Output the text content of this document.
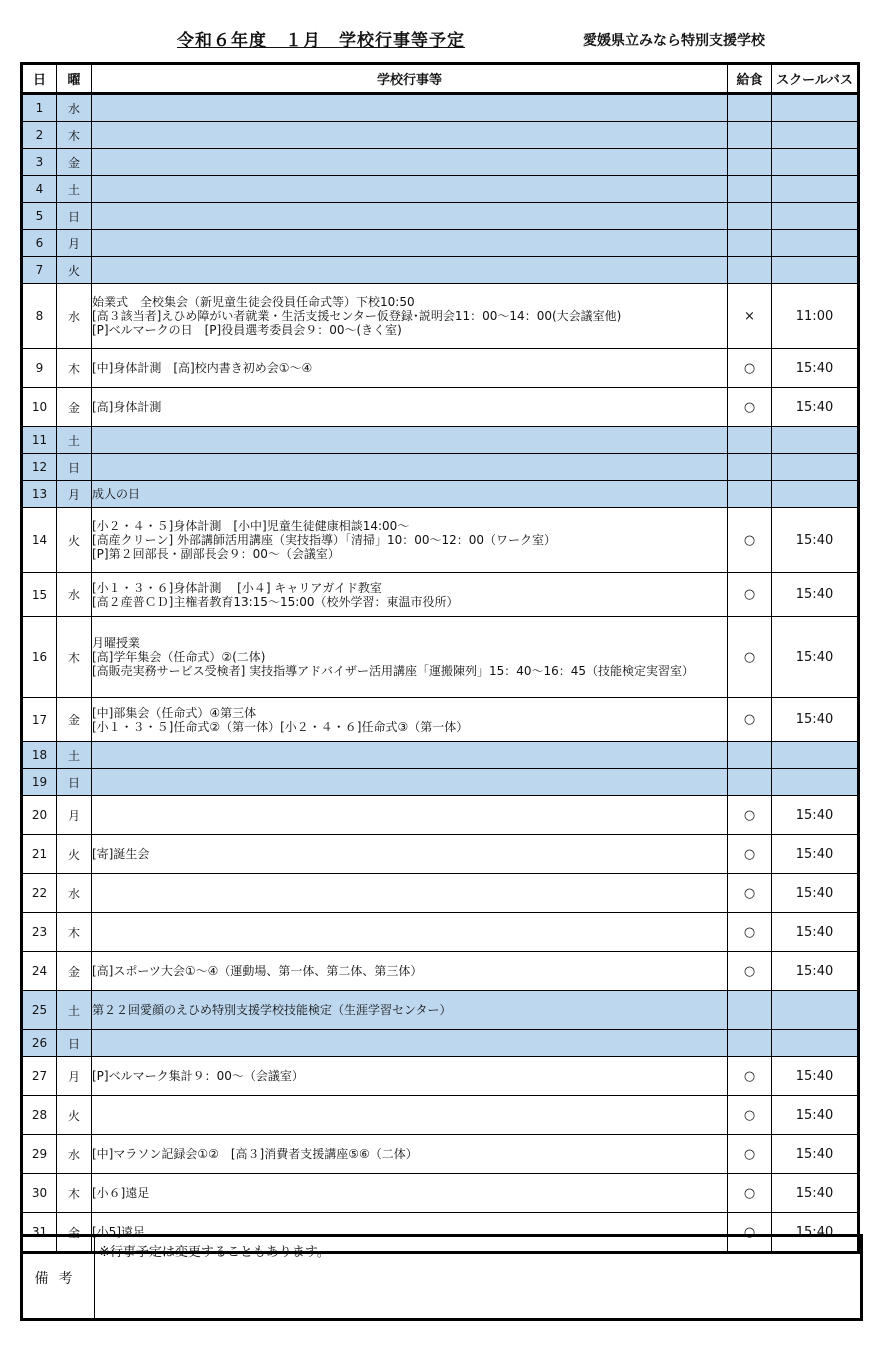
令和６年度　１月　学校行事等予定	愛媛県立みなら特別支援学校
日	曜	学校行事等	給食	スクールバス
1	水			
2	木			
3	金			
4	土			
5	日			
6	月			
7	火			
8	水	始業式　全校集会（新児童生徒会役員任命式等）下校10:50
[高３該当者]えひめ障がい者就業・生活支援センター仮登録･説明会11：00～14：00(大会議室他)
[P]ベルマークの日　[P]役員選考委員会９：00～(きく室)	×	11:00
9	木	[中]身体計測　[高]校内書き初め会①～④	○	15:40
10	金	[高]身体計測	○	15:40
11	土			
12	日			
13	月	成人の日		
14	火	[小２・４・５]身体計測　[小中]児童生徒健康相談14:00～
[高産クリーン] 外部講師活用講座（実技指導）「清掃」10：00～12：00（ワーク室）
[P]第２回部長・副部長会９：00～（会議室）	○	15:40
15	水	[小１・３・６]身体計測　 [小４] キャリアガイド教室
[高２産普ＣＤ]主権者教育13:15～15:00（校外学習：東温市役所）	○	15:40
16	木	月曜授業
[高]学年集会（任命式）②(二体)
[高販売実務サービス受検者] 実技指導アドバイザー活用講座「運搬陳列」15：40～16：45（技能検定実習室）	○	15:40
17	金	[中]部集会（任命式）④第三体
[小１・３・５]任命式②（第一体）[小２・４・６]任命式③（第一体）	○	15:40
18	土			
19	日			
20	月		○	15:40
21	火	[寄]誕生会	○	15:40
22	水		○	15:40
23	木		○	15:40
24	金	[高]スポーツ大会①～④（運動場、第一体、第二体、第三体）	○	15:40
25	土	第２２回愛顔のえひめ特別支援学校技能検定（生涯学習センター）		
26	日			
27	月	[P]ベルマーク集計９：00～（会議室）	○	15:40
28	火		○	15:40
29	水	[中]マラソン記録会①②　[高３]消費者支援講座⑤⑥（二体）	○	15:40
30	木	[小６]遠足	○	15:40
31	金	[小5]遠足	○	15:40
備考
※行事予定は変更することもあります。
